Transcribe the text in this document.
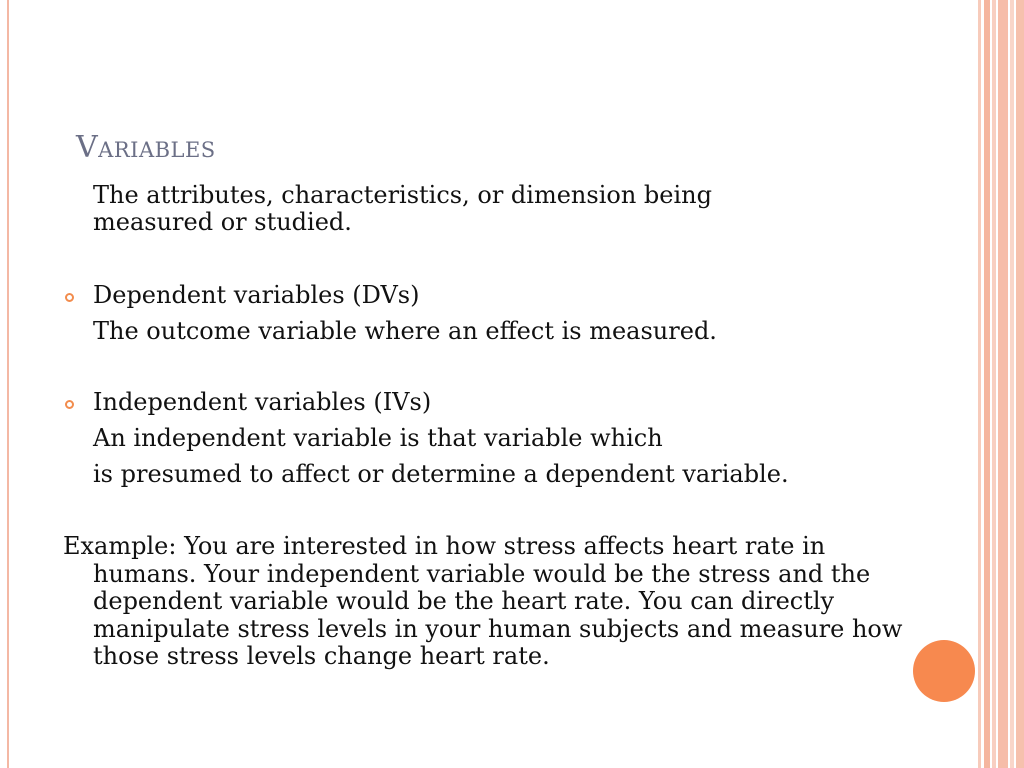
Variables

The attributes, characteristics, or dimension being measured or studied.

Dependent variables (DVs)

The outcome variable where an effect is measured.

Independent variables (IVs)

An independent variable is that variable which

is presumed to affect or determine a dependent variable.

Example: You are interested in how stress affects heart rate in humans. Your independent variable would be the stress and the dependent variable would be the heart rate. You can directly manipulate stress levels in your human subjects and measure how those stress levels change heart rate.
